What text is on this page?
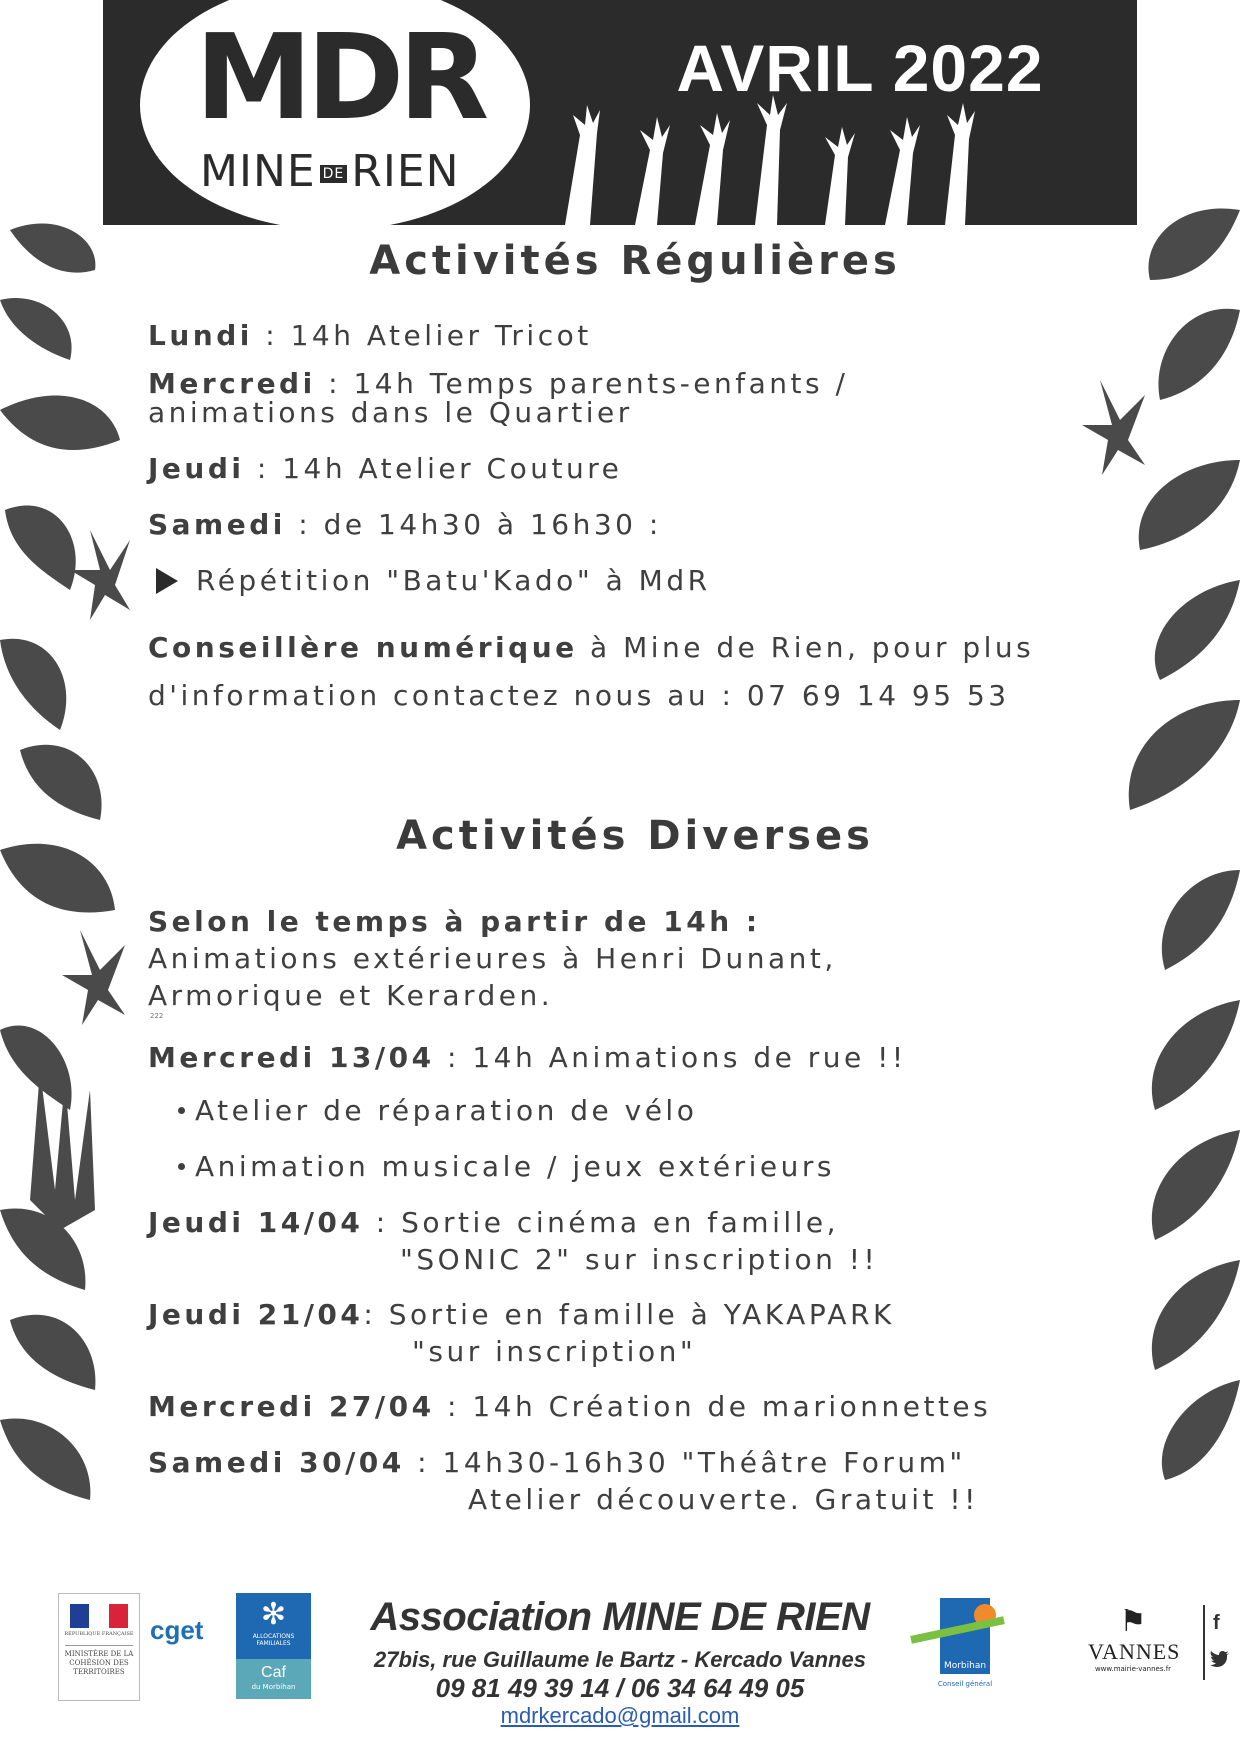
MDR
MINE DE RIEN
AVRIL 2022
Activités Régulières
Lundi : 14h Atelier Tricot
Mercredi : 14h Temps parents-enfants /
animations dans le Quartier
Jeudi : 14h Atelier Couture
Samedi : de 14h30 à 16h30 :
Répétition "Batu'Kado" à MdR
Conseillère numérique à Mine de Rien, pour plus
d'information contactez nous au : 07 69 14 95 53
Activités Diverses
Selon le temps à partir de 14h :
Animations extérieures à Henri Dunant,
Armorique et Kerarden.
222
Mercredi 13/04 : 14h Animations de rue !!
Atelier de réparation de vélo
Animation musicale / jeux extérieurs
Jeudi 14/04 : Sortie cinéma en famille,
"SONIC 2" sur inscription !!
Jeudi 21/04: Sortie en famille à YAKAPARK
"sur inscription"
Mercredi 27/04 : 14h Création de marionnettes
Samedi 30/04 : 14h30-16h30 "Théâtre Forum"
Atelier découverte. Gratuit !!
RÉPUBLIQUE FRANÇAISE
MINISTÈRE DE LA COHÉSION DES TERRITOIRES
cget	✻
ALLOCATIONS FAMILIALES
Caf
du Morbihan
Association MINE DE RIEN
27bis, rue Guillaume le Bartz - Kercado Vannes
09 81 49 39 14 / 06 34 64 49 05
mdrkercado@gmail.com
Morbihan
Conseil général
⚑
VANNES
www.mairie-vannes.fr
f
